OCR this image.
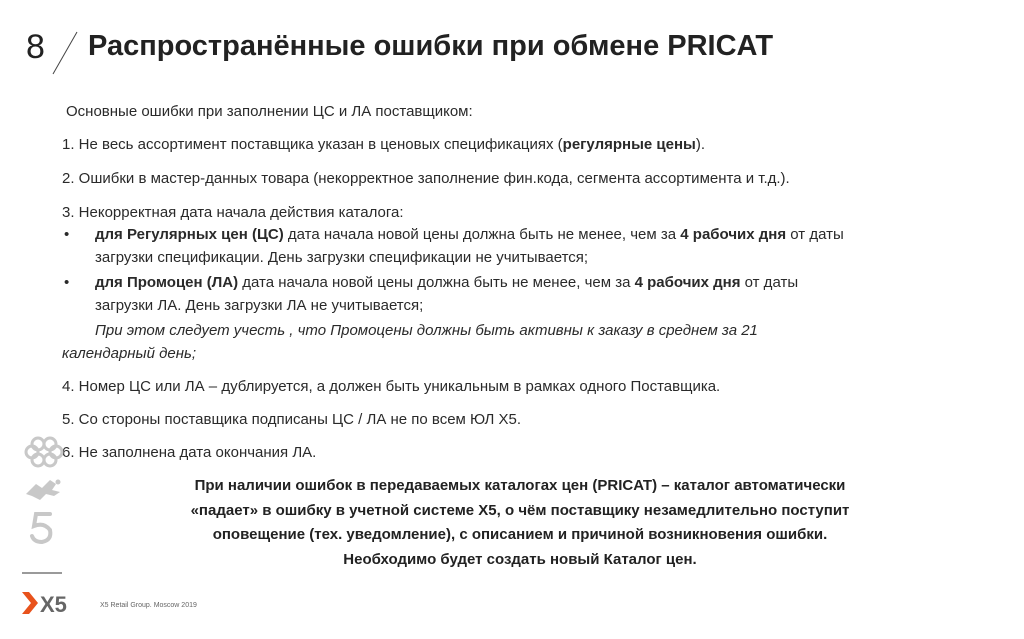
8 Распространённые ошибки при обмене PRICAT
Основные ошибки при заполнении ЦС и ЛА поставщиком:
1. Не весь ассортимент поставщика указан в ценовых спецификациях (регулярные цены).
2. Ошибки в мастер-данных товара (некорректное заполнение фин.кода, сегмента ассортимента и т.д.).
3. Некорректная дата начала действия каталога:
• для Регулярных цен (ЦС) дата начала новой цены должна быть не менее, чем за 4 рабочих дня от даты
загрузки спецификации. День загрузки спецификации не учитывается;
• для Промоцен (ЛА) дата начала новой цены должна быть не менее, чем за 4 рабочих дня от даты
загрузки ЛА. День загрузки ЛА не учитывается;
При этом следует учесть , что Промоцены должны быть активны к заказу в среднем за 21
календарный день;
4. Номер ЦС или ЛА – дублируется, а должен быть уникальным в рамках одного Поставщика.
5. Со стороны поставщика подписаны ЦС / ЛА не по всем ЮЛ Х5.
6. Не заполнена дата окончания ЛА.
При наличии ошибок в передаваемых каталогах цен (PRICAT) – каталог автоматически
«падает» в ошибку в учетной системе Х5, о чём поставщику незамедлительно поступит
оповещение (тех. уведомление), с описанием и причиной возникновения ошибки.
Необходимо будет создать новый Каталог цен.
X5	X5 Retail Group. Moscow 2019
